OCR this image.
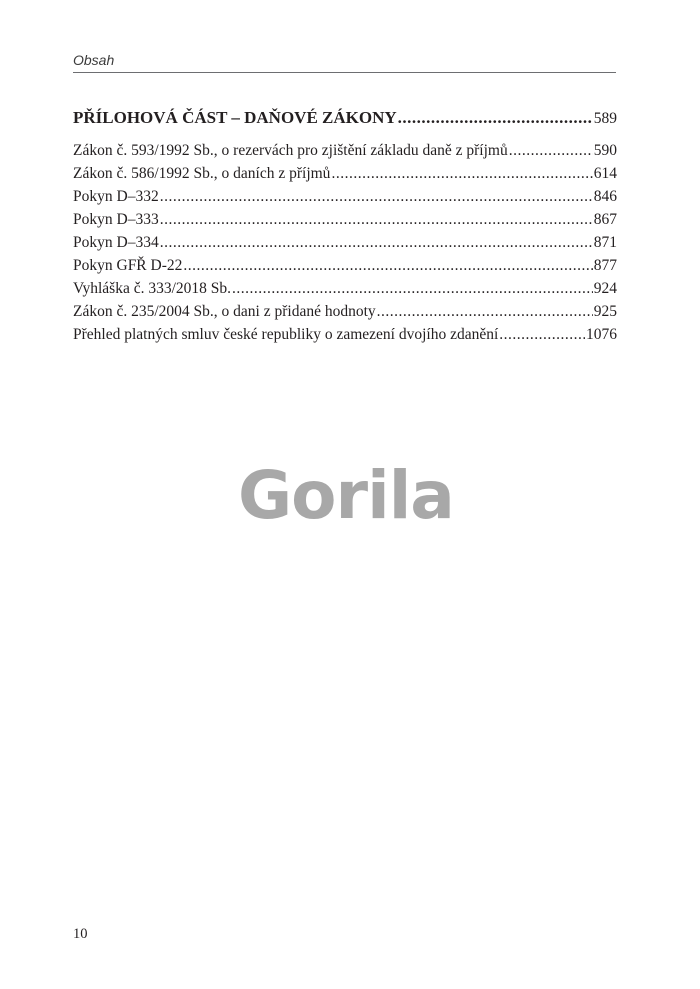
Obsah
PŘÍLOHOVÁ ČÁST – DAŇOVÉ ZÁKONY .....	589
Zákon č. 593/1992 Sb., o rezervách pro zjištění základu daně z příjmů .....	590
Zákon č. 586/1992 Sb., o daních z příjmů .....	614
Pokyn D–332 .....	846
Pokyn D–333 .....	867
Pokyn D–334 .....	871
Pokyn GFŘ D-22 .....	877
Vyhláška č. 333/2018 Sb. .....	924
Zákon č. 235/2004 Sb., o dani z přidané hodnoty .....	925
Přehled platných smluv české republiky o zamezení dvojího zdanění .....	1076
Gorila
10
